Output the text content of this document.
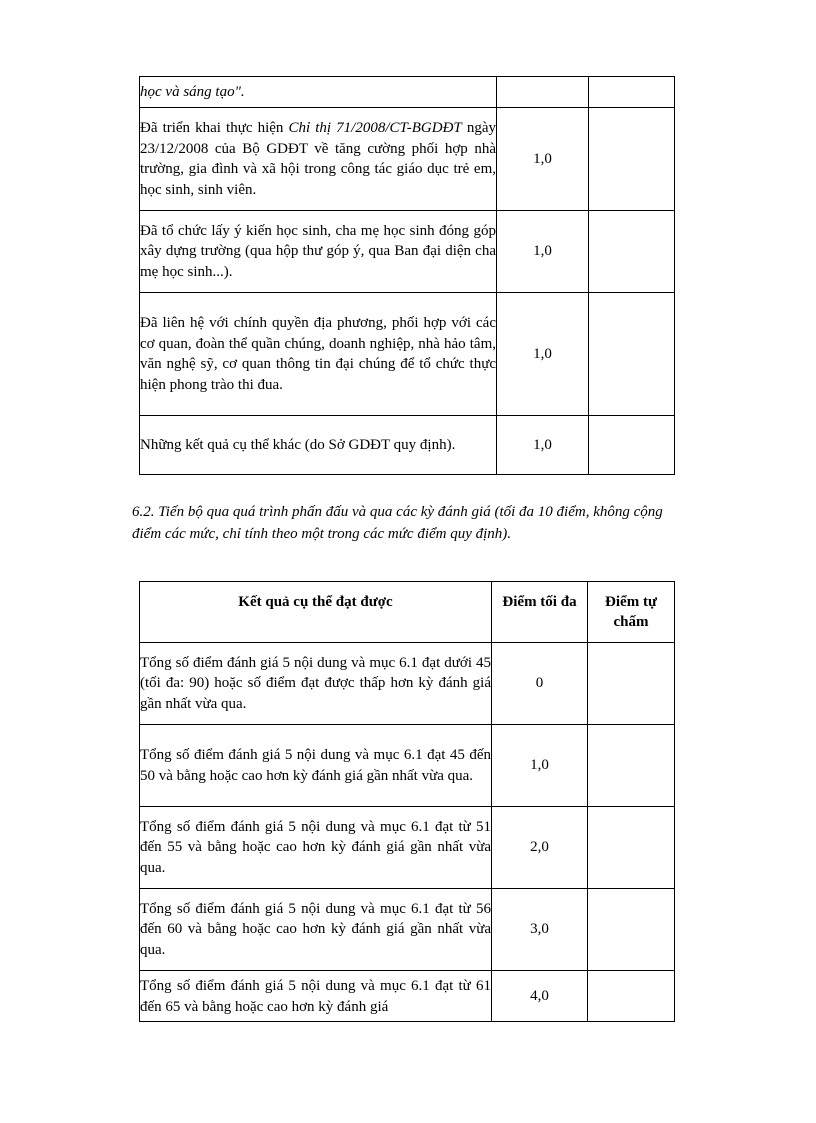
học và sáng tạo".		
Đã triển khai thực hiện Chỉ thị 71/2008/CT-BGDĐT ngày 23/12/2008 của Bộ GDĐT về tăng cường phối hợp nhà trường, gia đình và xã hội trong công tác giáo dục trẻ em, học sinh, sinh viên.	1,0	
Đã tổ chức lấy ý kiến học sinh, cha mẹ học sinh đóng góp xây dựng trường (qua hộp thư góp ý, qua Ban đại diện cha mẹ học sinh...).	1,0	
Đã liên hệ với chính quyền địa phương, phối hợp với các cơ quan, đoàn thể quần chúng, doanh nghiệp, nhà hảo tâm, văn nghệ sỹ, cơ quan thông tin đại chúng để tổ chức thực hiện phong trào thi đua.	1,0	
Những kết quả cụ thể khác (do Sở GDĐT quy định).	1,0	
6.2. Tiến bộ qua quá trình phấn đấu và qua các kỳ đánh giá (tối đa 10 điểm, không cộng điểm các mức, chỉ tính theo một trong các mức điểm quy định).
Kết quả cụ thể đạt được	Điểm tối đa	Điểm tự chấm
Tổng số điểm đánh giá 5 nội dung và mục 6.1 đạt dưới 45 (tối đa: 90) hoặc số điểm đạt được thấp hơn kỳ đánh giá gần nhất vừa qua.	0	
Tổng số điểm đánh giá 5 nội dung và mục 6.1 đạt 45 đến 50 và bằng hoặc cao hơn kỳ đánh giá gần nhất vừa qua.	1,0	
Tổng số điểm đánh giá 5 nội dung và mục 6.1 đạt từ 51 đến 55 và bằng hoặc cao hơn kỳ đánh giá gần nhất vừa qua.	2,0	
Tổng số điểm đánh giá 5 nội dung và mục 6.1 đạt từ 56 đến 60 và bằng hoặc cao hơn kỳ đánh giá gần nhất vừa qua.	3,0	
Tổng số điểm đánh giá 5 nội dung và mục 6.1 đạt từ 61 đến 65 và bằng hoặc cao hơn kỳ đánh giá	4,0	
